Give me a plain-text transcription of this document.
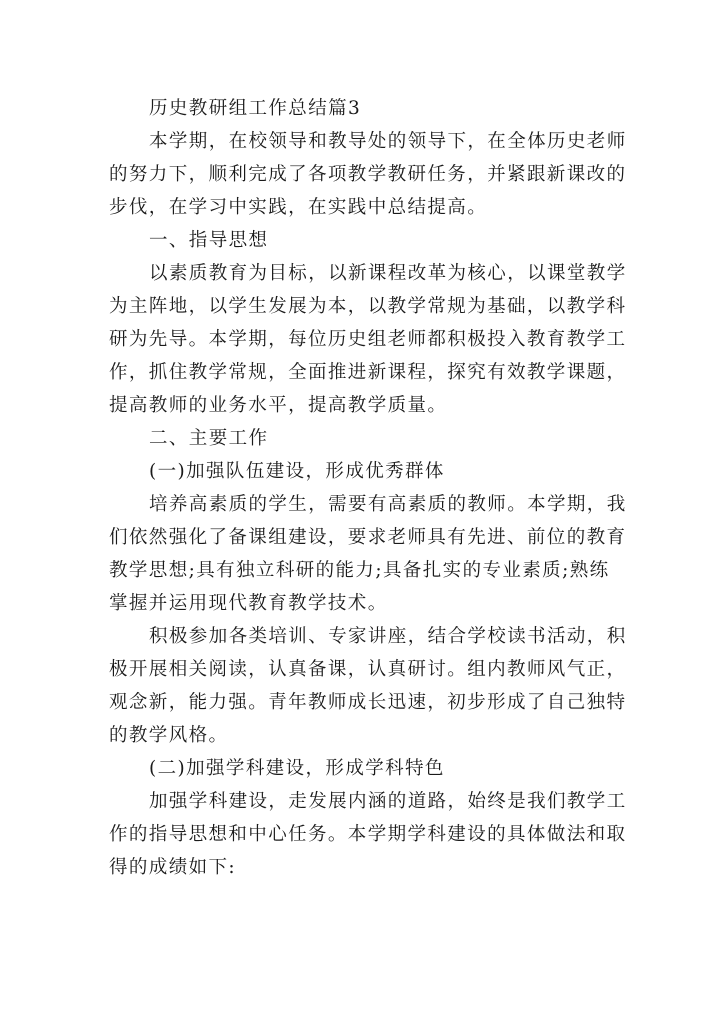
历史教研组工作总结篇3
本学期，在校领导和教导处的领导下，在全体历史老师
的努力下，顺利完成了各项教学教研任务，并紧跟新课改的
步伐，在学习中实践，在实践中总结提高。
一、指导思想
以素质教育为目标，以新课程改革为核心，以课堂教学
为主阵地，以学生发展为本，以教学常规为基础，以教学科
研为先导。本学期，每位历史组老师都积极投入教育教学工
作，抓住教学常规，全面推进新课程，探究有效教学课题，
提高教师的业务水平，提高教学质量。
二、主要工作
(一)加强队伍建设，形成优秀群体
培养高素质的学生，需要有高素质的教师。本学期，我
们依然强化了备课组建设，要求老师具有先进、前位的教育
教学思想;具有独立科研的能力;具备扎实的专业素质;熟练
掌握并运用现代教育教学技术。
积极参加各类培训、专家讲座，结合学校读书活动，积
极开展相关阅读，认真备课，认真研讨。组内教师风气正，
观念新，能力强。青年教师成长迅速，初步形成了自己独特
的教学风格。
(二)加强学科建设，形成学科特色
加强学科建设，走发展内涵的道路，始终是我们教学工
作的指导思想和中心任务。本学期学科建设的具体做法和取
得的成绩如下:
